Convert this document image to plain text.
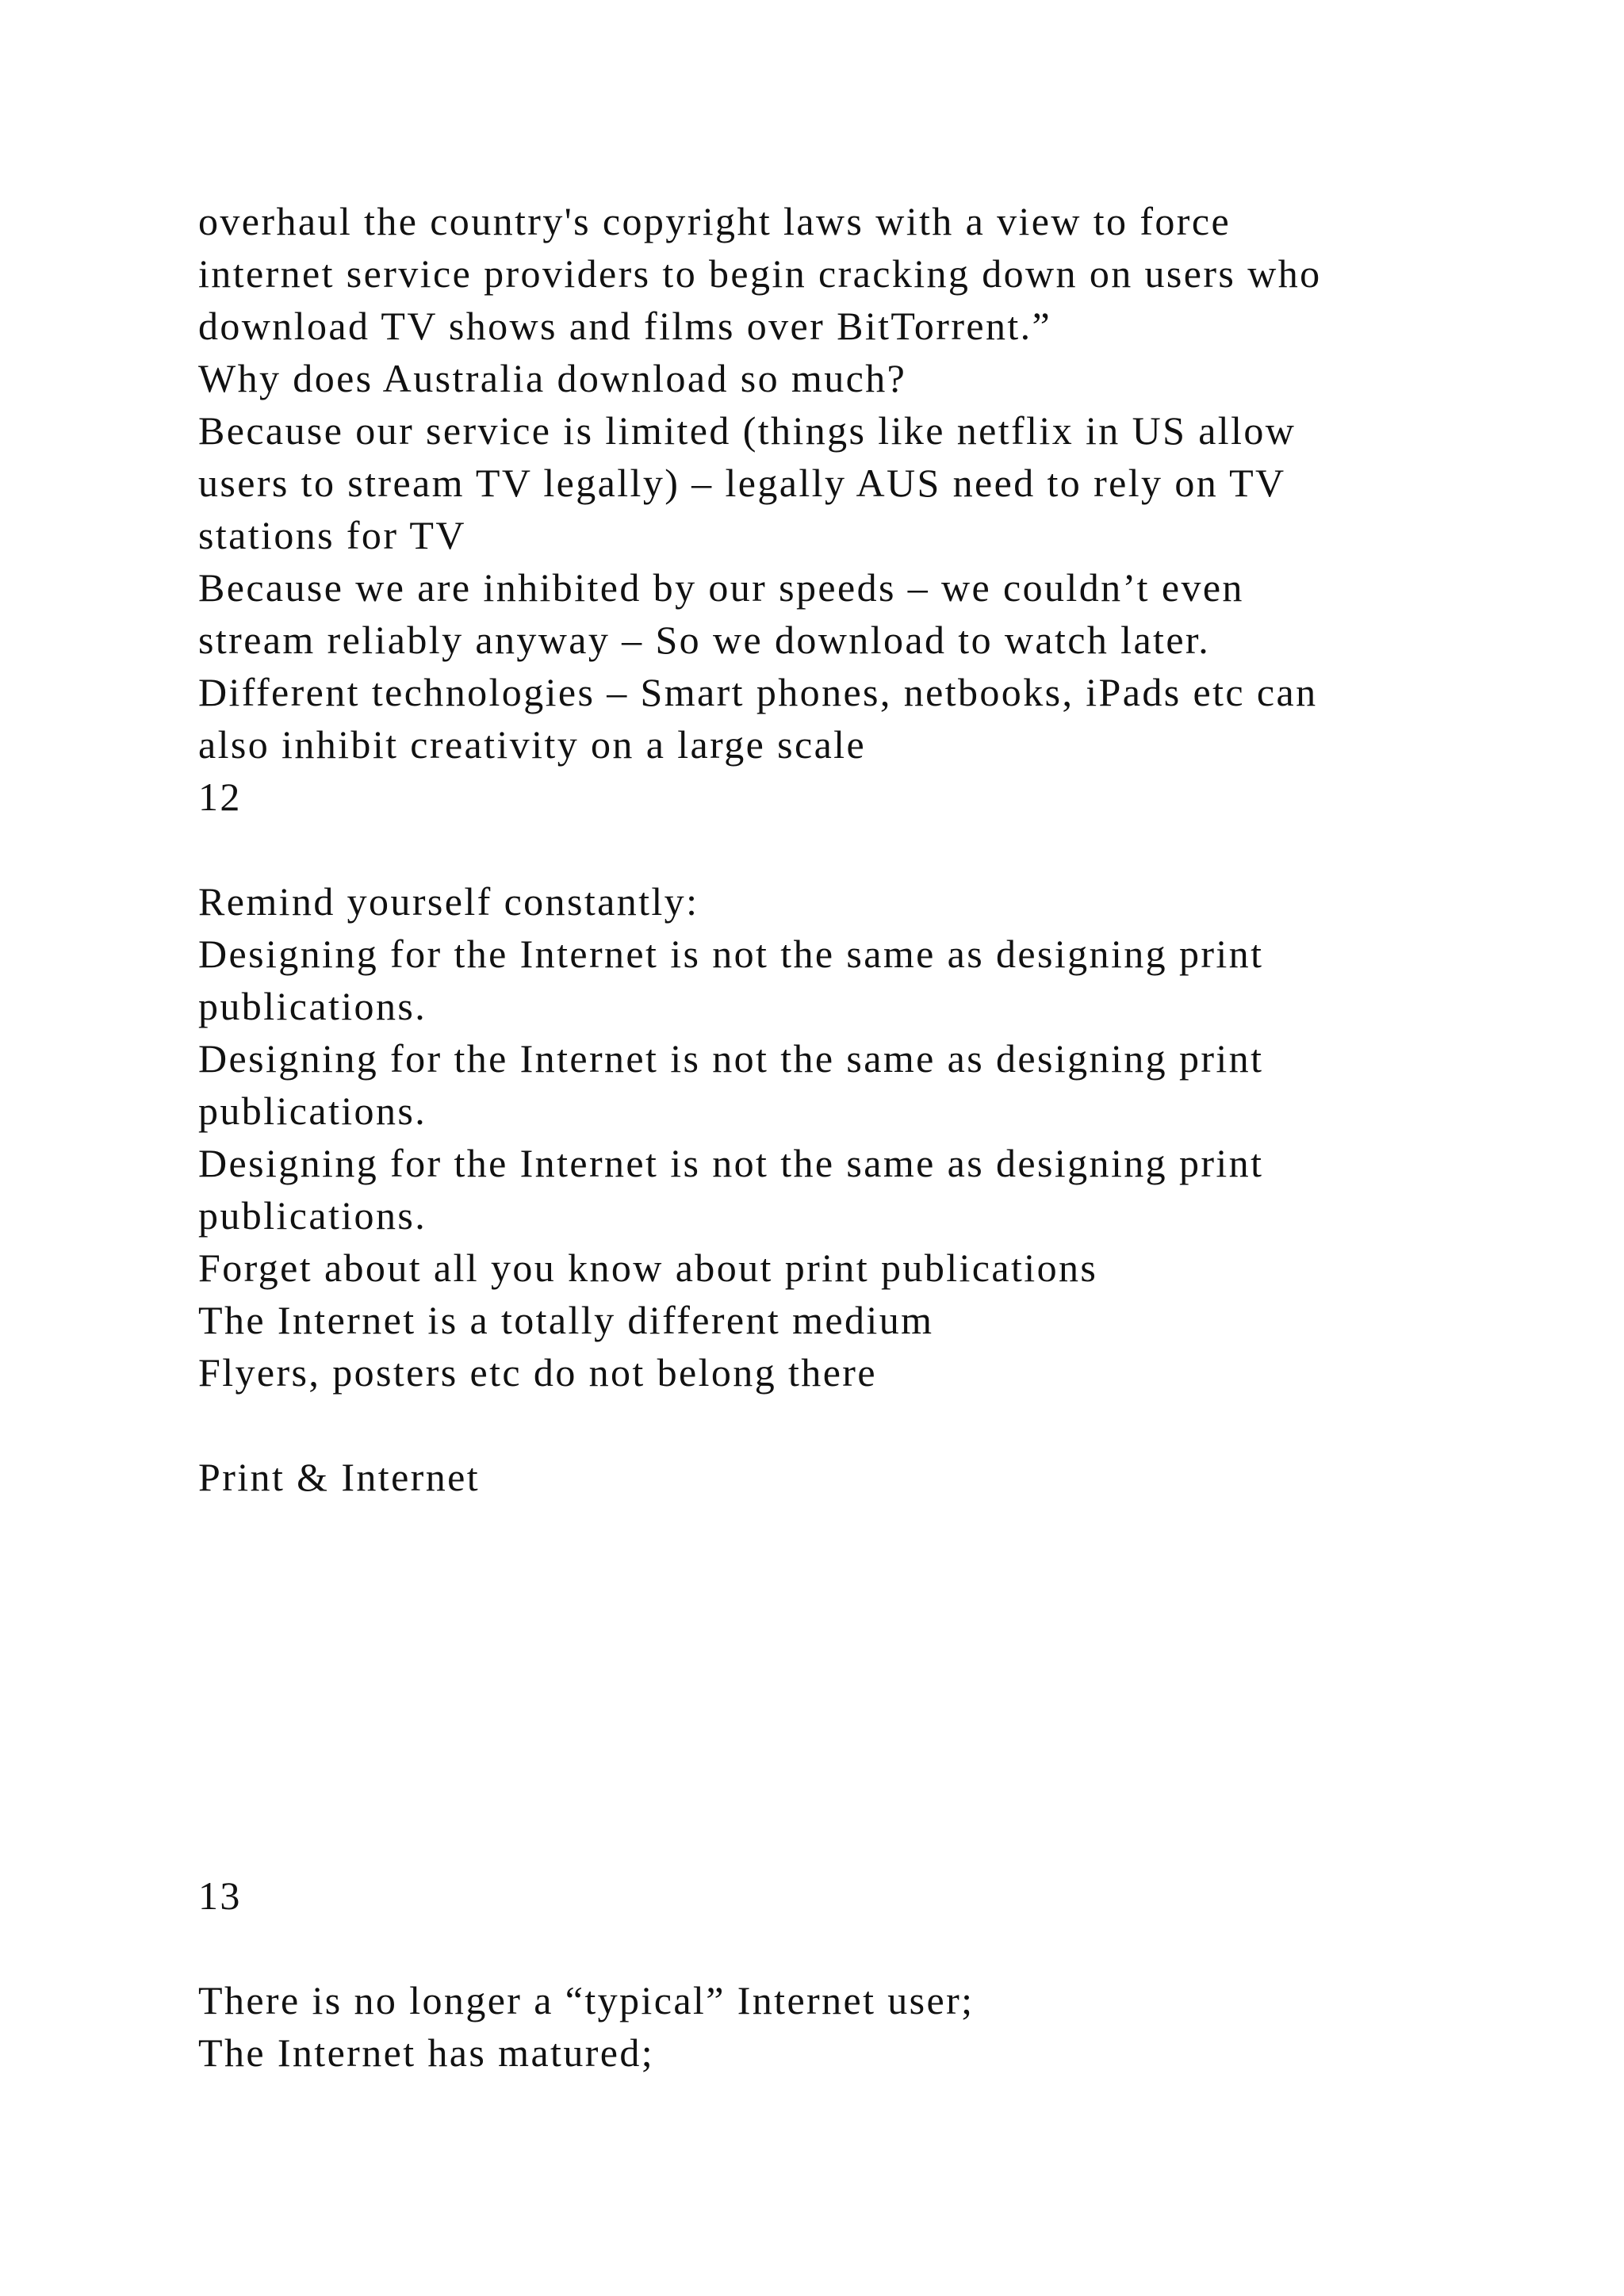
overhaul the country's copyright laws with a view to force
internet service providers to begin cracking down on users who
download TV shows and films over BitTorrent.”
Why does Australia download so much?
Because our service is limited (things like netflix in US allow
users to stream TV legally) – legally AUS need to rely on TV
stations for TV
Because we are inhibited by our speeds – we couldn’t even
stream reliably anyway – So we download to watch later.
Different technologies – Smart phones, netbooks, iPads etc can
also inhibit creativity on a large scale
12
Remind yourself constantly:
Designing for the Internet is not the same as designing print
publications.
Designing for the Internet is not the same as designing print
publications.
Designing for the Internet is not the same as designing print
publications.
Forget about all you know about print publications
The Internet is a totally different medium
Flyers, posters etc do not belong there
Print & Internet
13
There is no longer a “typical” Internet user;
The Internet has matured;
